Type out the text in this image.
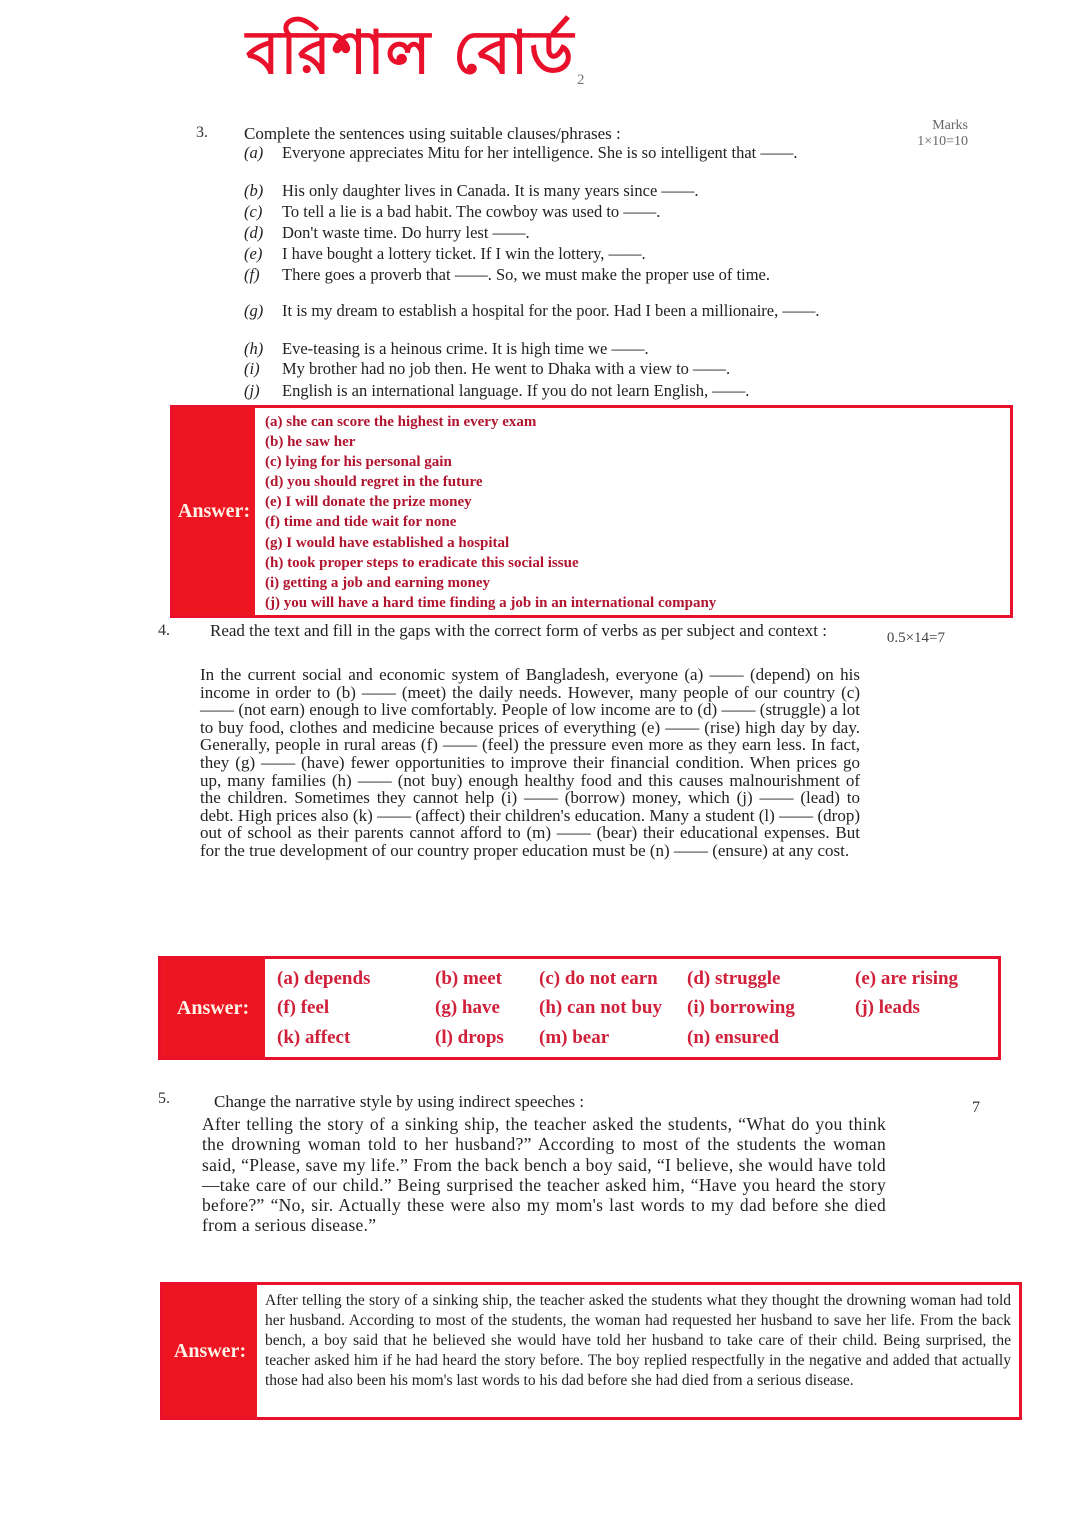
বরিশাল বোর্ড 2
3. Complete the sentences using suitable clauses/phrases :	Marks
1×10=10
(a) Everyone appreciates Mitu for her intelligence. She is so intelligent that ——.
(b) His only daughter lives in Canada. It is many years since ——.
(c) To tell a lie is a bad habit. The cowboy was used to ——.
(d) Don't waste time. Do hurry lest ——.
(e) I have bought a lottery ticket. If I win the lottery, ——.
(f) There goes a proverb that ——. So, we must make the proper use of time.
(g) It is my dream to establish a hospital for the poor. Had I been a millionaire, ——.
(h) Eve-teasing is a heinous crime. It is high time we ——.
(i) My brother had no job then. He went to Dhaka with a view to ——.
(j) English is an international language. If you do not learn English, ——.
Answer:
(a) she can score the highest in every exam
(b) he saw her
(c) lying for his personal gain
(d) you should regret in the future
(e) I will donate the prize money
(f) time and tide wait for none
(g) I would have established a hospital
(h) took proper steps to eradicate this social issue
(i) getting a job and earning money
(j) you will have a hard time finding a job in an international company
4. Read the text and fill in the gaps with the correct form of verbs as per subject and context :	0.5×14=7
In the current social and economic system of Bangladesh, everyone (a) —— (depend) on his income in order to (b) —— (meet) the daily needs. However, many people of our country (c) —— (not earn) enough to live comfortably. People of low income are to (d) —— (struggle) a lot to buy food, clothes and medicine because prices of everything (e) —— (rise) high day by day. Generally, people in rural areas (f) —— (feel) the pressure even more as they earn less. In fact, they (g) —— (have) fewer opportunities to improve their financial condition. When prices go up, many families (h) —— (not buy) enough healthy food and this causes malnourishment of the children. Sometimes they cannot help (i) —— (borrow) money, which (j) —— (lead) to debt. High prices also (k) —— (affect) their children's education. Many a student (l) —— (drop) out of school as their parents cannot afford to (m) —— (bear) their educational expenses. But for the true development of our country proper education must be (n) —— (ensure) at any cost.
Answer:
(a) depends	(b) meet	(c) do not earn	(d) struggle	(e) are rising
(f) feel	(g) have	(h) can not buy	(i) borrowing	(j) leads
(k) affect	(l) drops	(m) bear	(n) ensured
5.	Change the narrative style by using indirect speeches :	7
After telling the story of a sinking ship, the teacher asked the students, “What do you think the drowning woman told to her husband?” According to most of the students the woman said, “Please, save my life.” From the back bench a boy said, “I believe, she would have told—take care of our child.” Being surprised the teacher asked him, “Have you heard the story before?” “No, sir. Actually these were also my mom's last words to my dad before she died from a serious disease.”
Answer:
After telling the story of a sinking ship, the teacher asked the students what they thought the drowning woman had told her husband. According to most of the students, the woman had requested her husband to save her life. From the back bench, a boy said that he believed she would have told her husband to take care of their child. Being surprised, the teacher asked him if he had heard the story before. The boy replied respectfully in the negative and added that actually those had also been his mom's last words to his dad before she had died from a serious disease.
